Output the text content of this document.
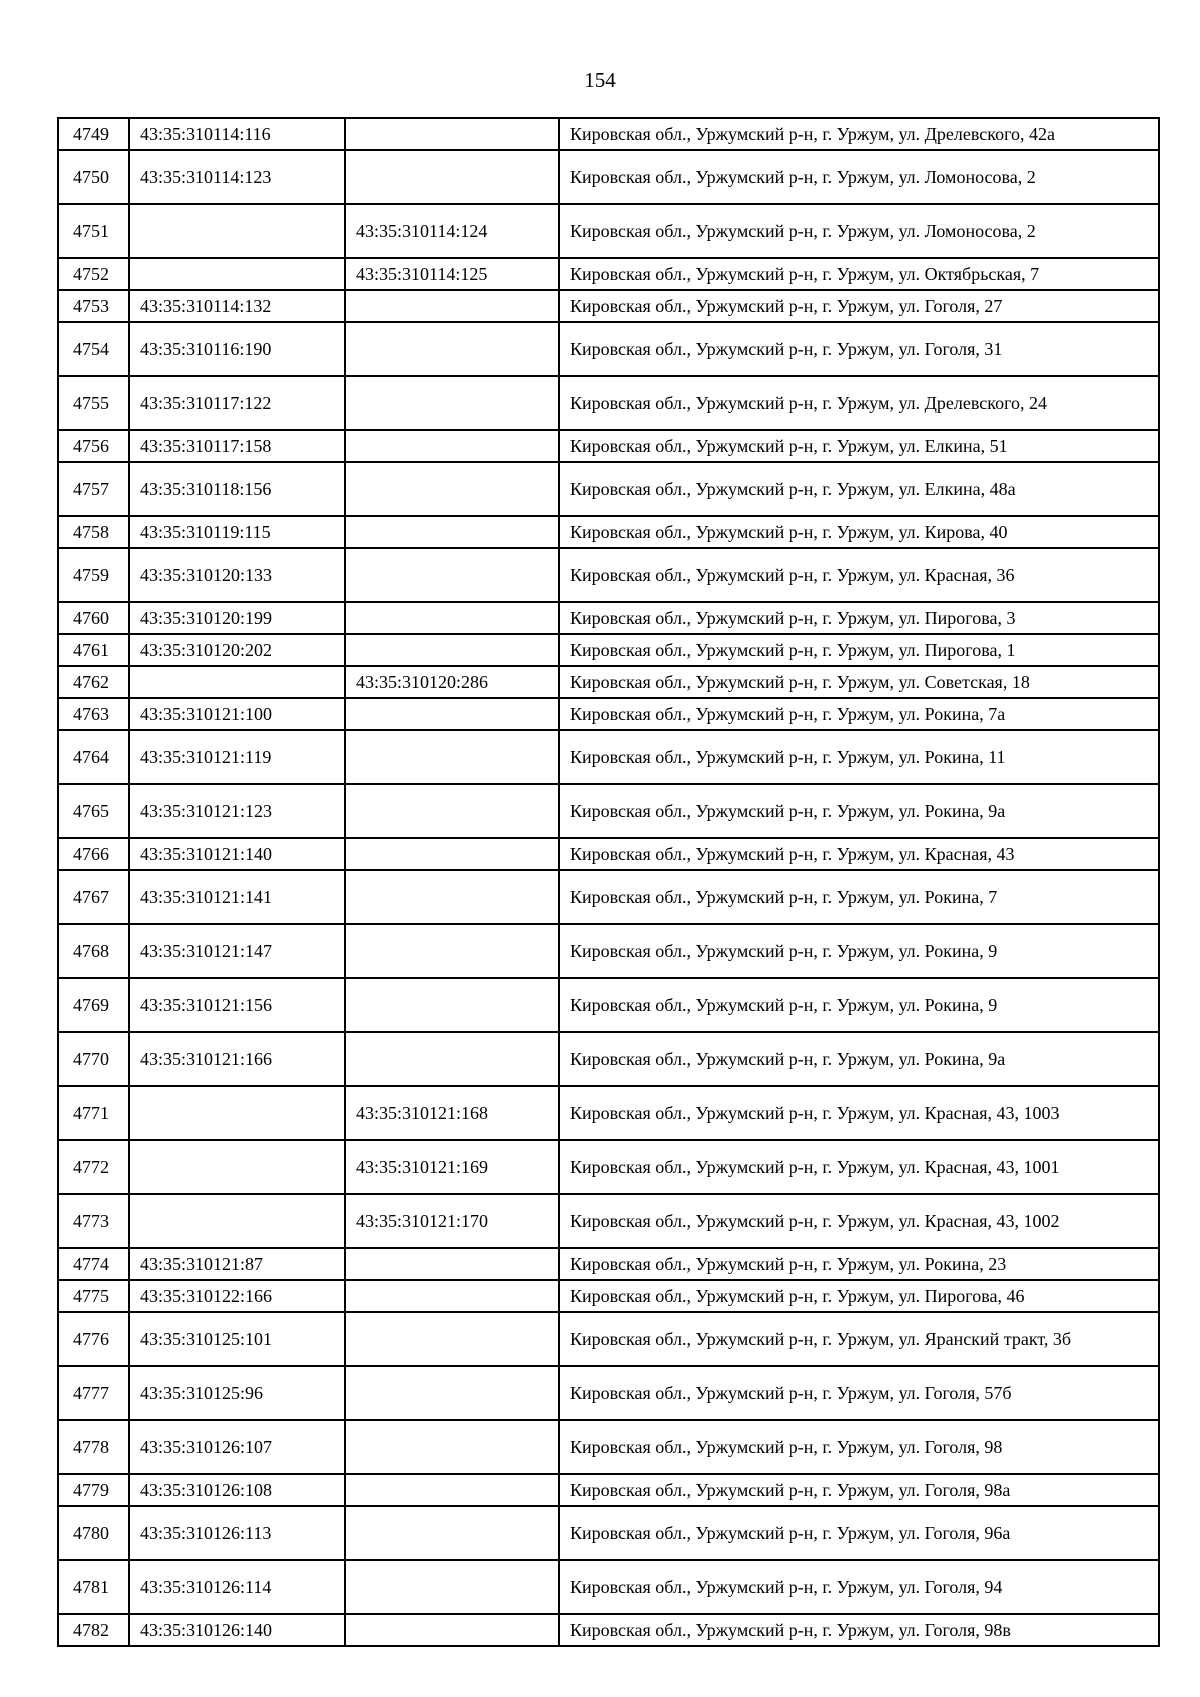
154
4749	43:35:310114:116		Кировская обл., Уржумский р-н, г. Уржум, ул. Дрелевского, 42а
4750	43:35:310114:123		Кировская обл., Уржумский р-н, г. Уржум, ул. Ломоносова, 2
4751		43:35:310114:124	Кировская обл., Уржумский р-н, г. Уржум, ул. Ломоносова, 2
4752		43:35:310114:125	Кировская обл., Уржумский р-н, г. Уржум, ул. Октябрьская, 7
4753	43:35:310114:132		Кировская обл., Уржумский р-н, г. Уржум, ул. Гоголя, 27
4754	43:35:310116:190		Кировская обл., Уржумский р-н, г. Уржум, ул. Гоголя, 31
4755	43:35:310117:122		Кировская обл., Уржумский р-н, г. Уржум, ул. Дрелевского, 24
4756	43:35:310117:158		Кировская обл., Уржумский р-н, г. Уржум, ул. Елкина, 51
4757	43:35:310118:156		Кировская обл., Уржумский р-н, г. Уржум, ул. Елкина, 48а
4758	43:35:310119:115		Кировская обл., Уржумский р-н, г. Уржум, ул. Кирова, 40
4759	43:35:310120:133		Кировская обл., Уржумский р-н, г. Уржум, ул. Красная, 36
4760	43:35:310120:199		Кировская обл., Уржумский р-н, г. Уржум, ул. Пирогова, 3
4761	43:35:310120:202		Кировская обл., Уржумский р-н, г. Уржум, ул. Пирогова, 1
4762		43:35:310120:286	Кировская обл., Уржумский р-н, г. Уржум, ул. Советская, 18
4763	43:35:310121:100		Кировская обл., Уржумский р-н, г. Уржум, ул. Рокина, 7а
4764	43:35:310121:119		Кировская обл., Уржумский р-н, г. Уржум, ул. Рокина, 11
4765	43:35:310121:123		Кировская обл., Уржумский р-н, г. Уржум, ул. Рокина, 9а
4766	43:35:310121:140		Кировская обл., Уржумский р-н, г. Уржум, ул. Красная, 43
4767	43:35:310121:141		Кировская обл., Уржумский р-н, г. Уржум, ул. Рокина, 7
4768	43:35:310121:147		Кировская обл., Уржумский р-н, г. Уржум, ул. Рокина, 9
4769	43:35:310121:156		Кировская обл., Уржумский р-н, г. Уржум, ул. Рокина, 9
4770	43:35:310121:166		Кировская обл., Уржумский р-н, г. Уржум, ул. Рокина, 9а
4771		43:35:310121:168	Кировская обл., Уржумский р-н, г. Уржум, ул. Красная, 43, 1003
4772		43:35:310121:169	Кировская обл., Уржумский р-н, г. Уржум, ул. Красная, 43, 1001
4773		43:35:310121:170	Кировская обл., Уржумский р-н, г. Уржум, ул. Красная, 43, 1002
4774	43:35:310121:87		Кировская обл., Уржумский р-н, г. Уржум, ул. Рокина, 23
4775	43:35:310122:166		Кировская обл., Уржумский р-н, г. Уржум, ул. Пирогова, 46
4776	43:35:310125:101		Кировская обл., Уржумский р-н, г. Уржум, ул. Яранский тракт, 3б
4777	43:35:310125:96		Кировская обл., Уржумский р-н, г. Уржум, ул. Гоголя, 57б
4778	43:35:310126:107		Кировская обл., Уржумский р-н, г. Уржум, ул. Гоголя, 98
4779	43:35:310126:108		Кировская обл., Уржумский р-н, г. Уржум, ул. Гоголя, 98а
4780	43:35:310126:113		Кировская обл., Уржумский р-н, г. Уржум, ул. Гоголя, 96а
4781	43:35:310126:114		Кировская обл., Уржумский р-н, г. Уржум, ул. Гоголя, 94
4782	43:35:310126:140		Кировская обл., Уржумский р-н, г. Уржум, ул. Гоголя, 98в
